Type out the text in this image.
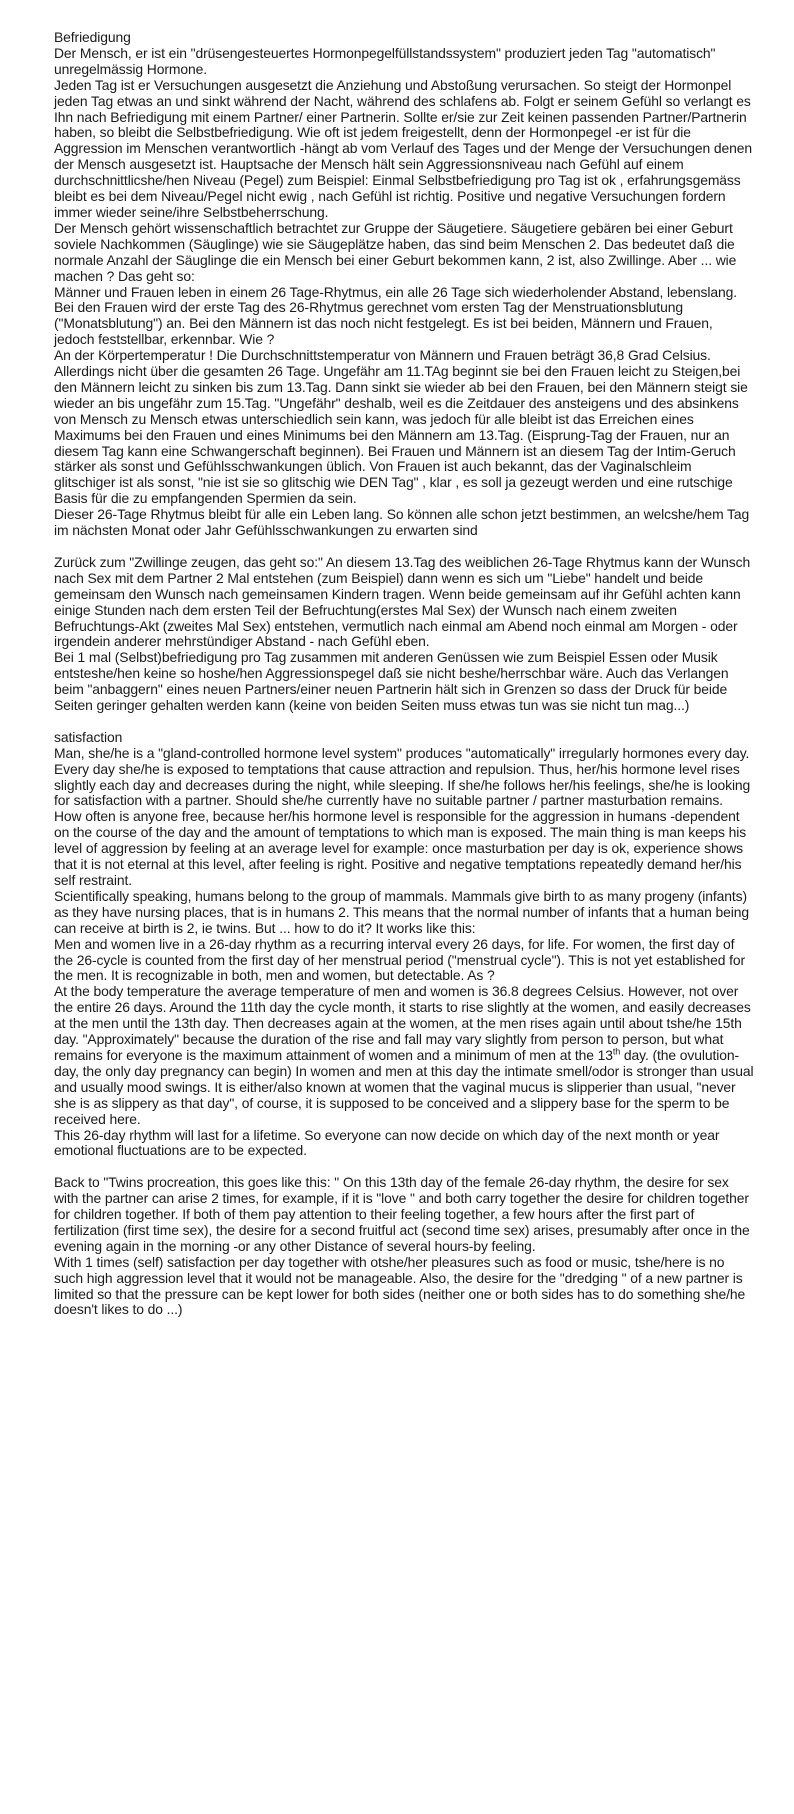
Befriedigung

Der Mensch, er ist ein "drüsengesteuertes Hormonpegelfüllstandssystem" produziert jeden Tag "automatisch" unregelmässig Hormone.

Jeden Tag ist er Versuchungen ausgesetzt die Anziehung und Abstoßung verursachen. So steigt der Hormonpel jeden Tag etwas an und sinkt während der Nacht, während des schlafens ab. Folgt er seinem Gefühl so verlangt es Ihn nach Befriedigung mit einem Partner/ einer Partnerin. Sollte er/sie zur Zeit keinen passenden Partner/Partnerin haben, so bleibt die Selbstbefriedigung. Wie oft ist jedem freigestellt, denn der Hormonpegel -er ist für die Aggression im Menschen verantwortlich -hängt ab vom Verlauf des Tages und der Menge der Versuchungen denen der Mensch ausgesetzt ist. Hauptsache der Mensch hält sein Aggressionsniveau nach Gefühl auf einem durchschnittlicshe/hen Niveau (Pegel) zum Beispiel: Einmal Selbstbefriedigung pro Tag ist ok , erfahrungsgemäss bleibt es bei dem Niveau/Pegel nicht ewig , nach Gefühl ist richtig. Positive und negative Versuchungen fordern immer wieder seine/ihre Selbstbeherrschung.

Der Mensch gehört wissenschaftlich betrachtet zur Gruppe der Säugetiere. Säugetiere gebären bei einer Geburt soviele Nachkommen (Säuglinge) wie sie Säugeplätze haben, das sind beim Menschen 2. Das bedeutet daß die normale Anzahl der Säuglinge die ein Mensch bei einer Geburt bekommen kann, 2 ist, also Zwillinge. Aber ... wie machen ? Das geht so:

Männer und Frauen leben in einem 26 Tage-Rhytmus, ein alle 26 Tage sich wiederholender Abstand, lebenslang. Bei den Frauen wird der erste Tag des 26-Rhytmus gerechnet vom ersten Tag der Menstruationsblutung ("Monatsblutung") an. Bei den Männern ist das noch nicht festgelegt. Es ist bei beiden, Männern und Frauen, jedoch feststellbar, erkennbar. Wie ?

An der Körpertemperatur ! Die Durchschnittstemperatur von Männern und Frauen beträgt 36,8 Grad Celsius. Allerdings nicht über die gesamten 26 Tage. Ungefähr am 11.TAg beginnt sie bei den Frauen leicht zu Steigen,bei den Männern leicht zu sinken bis zum 13.Tag. Dann sinkt sie wieder ab bei den Frauen, bei den Männern steigt sie wieder an bis ungefähr zum 15.Tag. "Ungefähr" deshalb, weil es die Zeitdauer des ansteigens und des absinkens von Mensch zu Mensch etwas unterschiedlich sein kann, was jedoch für alle bleibt ist das Erreichen eines Maximums bei den Frauen und eines Minimums bei den Männern am 13.Tag. (Eisprung-Tag der Frauen, nur an diesem Tag kann eine Schwangerschaft beginnen). Bei Frauen und Männern ist an diesem Tag der Intim-Geruch stärker als sonst und Gefühlsschwankungen üblich. Von Frauen ist auch bekannt, das der Vaginalschleim glitschiger ist als sonst, "nie ist sie so glitschig wie DEN Tag" , klar , es soll ja gezeugt werden und eine rutschige Basis für die zu empfangenden Spermien da sein.

Dieser 26-Tage Rhytmus bleibt für alle ein Leben lang. So können alle schon jetzt bestimmen, an welcshe/hem Tag im nächsten Monat oder Jahr Gefühlsschwankungen zu erwarten sind

Zurück zum "Zwillinge zeugen, das geht so:" An diesem 13.Tag des weiblichen 26-Tage Rhytmus kann der Wunsch nach Sex mit dem Partner 2 Mal entstehen (zum Beispiel) dann wenn es sich um "Liebe" handelt und beide gemeinsam den Wunsch nach gemeinsamen Kindern tragen. Wenn beide gemeinsam auf ihr Gefühl achten kann einige Stunden nach dem ersten Teil der Befruchtung(erstes Mal Sex) der Wunsch nach einem zweiten Befruchtungs-Akt (zweites Mal Sex) entstehen, vermutlich nach einmal am Abend noch einmal am Morgen - oder irgendein anderer mehrstündiger Abstand - nach Gefühl eben.

Bei 1 mal (Selbst)befriedigung pro Tag zusammen mit anderen Genüssen wie zum Beispiel Essen oder Musik entsteshe/hen keine so hoshe/hen Aggressionspegel daß sie nicht beshe/herrschbar wäre. Auch das Verlangen beim "anbaggern" eines neuen Partners/einer neuen Partnerin hält sich in Grenzen so dass der Druck für beide Seiten geringer gehalten werden kann (keine von beiden Seiten muss etwas tun was sie nicht tun mag...)

satisfaction

Man, she/he is a "gland-controlled hormone level system" produces "automatically" irregularly hormones every day.

Every day she/he is exposed to temptations that cause attraction and repulsion. Thus, her/his hormone level rises slightly each day and decreases during the night, while sleeping. If she/he follows her/his feelings, she/he is looking for satisfaction with a partner. Should she/he currently have no suitable partner / partner masturbation remains. How often is anyone free, because her/his hormone level is responsible for the aggression in humans -dependent on the course of the day and the amount of temptations to which man is exposed. The main thing is man keeps his level of aggression by feeling at an average level for example: once masturbation per day is ok, experience shows that it is not eternal at this level, after feeling is right. Positive and negative temptations repeatedly demand her/his self restraint.

Scientifically speaking, humans belong to the group of mammals. Mammals give birth to as many progeny (infants) as they have nursing places, that is in humans 2. This means that the normal number of infants that a human being can receive at birth is 2, ie twins. But ... how to do it? It works like this:

Men and women live in a 26-day rhythm as a recurring interval every 26 days, for life. For women, the first day of the 26-cycle is counted from the first day of her menstrual period ("menstrual cycle"). This is not yet established for the men. It is recognizable in both, men and women, but detectable. As ?

At the body temperature the average temperature of men and women is 36.8 degrees Celsius. However, not over the entire 26 days. Around the 11th day the cycle month, it starts to rise slightly at the women, and easily decreases at the men until the 13th day. Then decreases again at the women, at the men rises again until about tshe/he 15th day. "Approximately" because the duration of the rise and fall may vary slightly from person to person, but what remains for everyone is the maximum attainment of women and a minimum of men at the 13th day. (the ovulution-day, the only day pregnancy can begin) In women and men at this day the intimate smell/odor is stronger than usual and usually mood swings. It is either/also known at women that the vaginal mucus is slipperier than usual, "never she is as slippery as that day", of course, it is supposed to be conceived and a slippery base for the sperm to be received here.

This 26-day rhythm will last for a lifetime. So everyone can now decide on which day of the next month or year emotional fluctuations are to be expected.

Back to "Twins procreation, this goes like this: " On this 13th day of the female 26-day rhythm, the desire for sex with the partner can arise 2 times, for example, if it is "love " and both carry together the desire for children together for children together. If both of them pay attention to their feeling together, a few hours after the first part of fertilization (first time sex), the desire for a second fruitful act (second time sex) arises, presumably after once in the evening again in the morning -or any other Distance of several hours-by feeling.

With 1 times (self) satisfaction per day together with otshe/her pleasures such as food or music, tshe/here is no such high aggression level that it would not be manageable. Also, the desire for the "dredging " of a new partner is limited so that the pressure can be kept lower for both sides (neither one or both sides has to do something she/he doesn't likes to do ...)
